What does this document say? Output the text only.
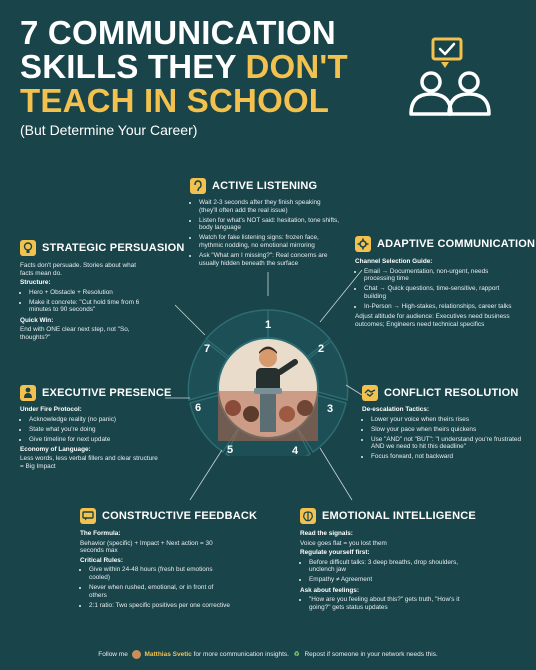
7 COMMUNICATION
SKILLS THEY DON'T
TEACH IN SCHOOL
(But Determine Your Career)
1
2
3
4
5
6
7
ACTIVE LISTENING
• Wait 2-3 seconds after they finish speaking (they'll often add the real issue)
• Listen for what's NOT said: hesitation, tone shifts, body language
• Watch for fake listening signs: frozen face, rhythmic nodding, no emotional mirroring
• Ask "What am I missing?": Real concerns are usually hidden beneath the surface
STRATEGIC PERSUASION

Facts don't persuade. Stories about what facts mean do.

Structure:

• Hero + Obstacle + Resolution
• Make it concrete: "Cut hold time from 6 minutes to 90 seconds"

Quick Win:

End with ONE clear next step, not "So, thoughts?"

ADAPTIVE COMMUNICATION

Channel Selection Guide:

• Email → Documentation, non-urgent, needs processing time
• Chat → Quick questions, time-sensitive, rapport building
• In-Person → High-stakes, relationships, career talks

Adjust altitude for audience: Executives need business outcomes; Engineers need technical specifics

EXECUTIVE PRESENCE

Under Fire Protocol:

• Acknowledge reality (no panic)
• State what you're doing
• Give timeline for next update

Economy of Language:

Less words, less verbal fillers and clear structure = Big Impact

CONFLICT RESOLUTION

De-escalation Tactics:

• Lower your voice when theirs rises
• Slow your pace when theirs quickens
• Use "AND" not "BUT": "I understand you're frustrated AND we need to hit this deadline"
• Focus forward, not backward
CONSTRUCTIVE FEEDBACK

The Formula:

Behavior (specific) + Impact + Next action = 30 seconds max

Critical Rules:

• Give within 24-48 hours (fresh but emotions cooled)
• Never when rushed, emotional, or in front of others
• 2:1 ratio: Two specific positives per one corrective
EMOTIONAL INTELLIGENCE

Read the signals:

Voice goes flat = you lost them

Regulate yourself first:

• Before difficult talks: 3 deep breaths, drop shoulders, unclench jaw
• Empathy ≠ Agreement

Ask about feelings:

• "How are you feeling about this?" gets truth, "How's it going?" gets status updates
Follow me	Matthias Svetic for more communication insights. ♻ Repost if someone in your network needs this.
